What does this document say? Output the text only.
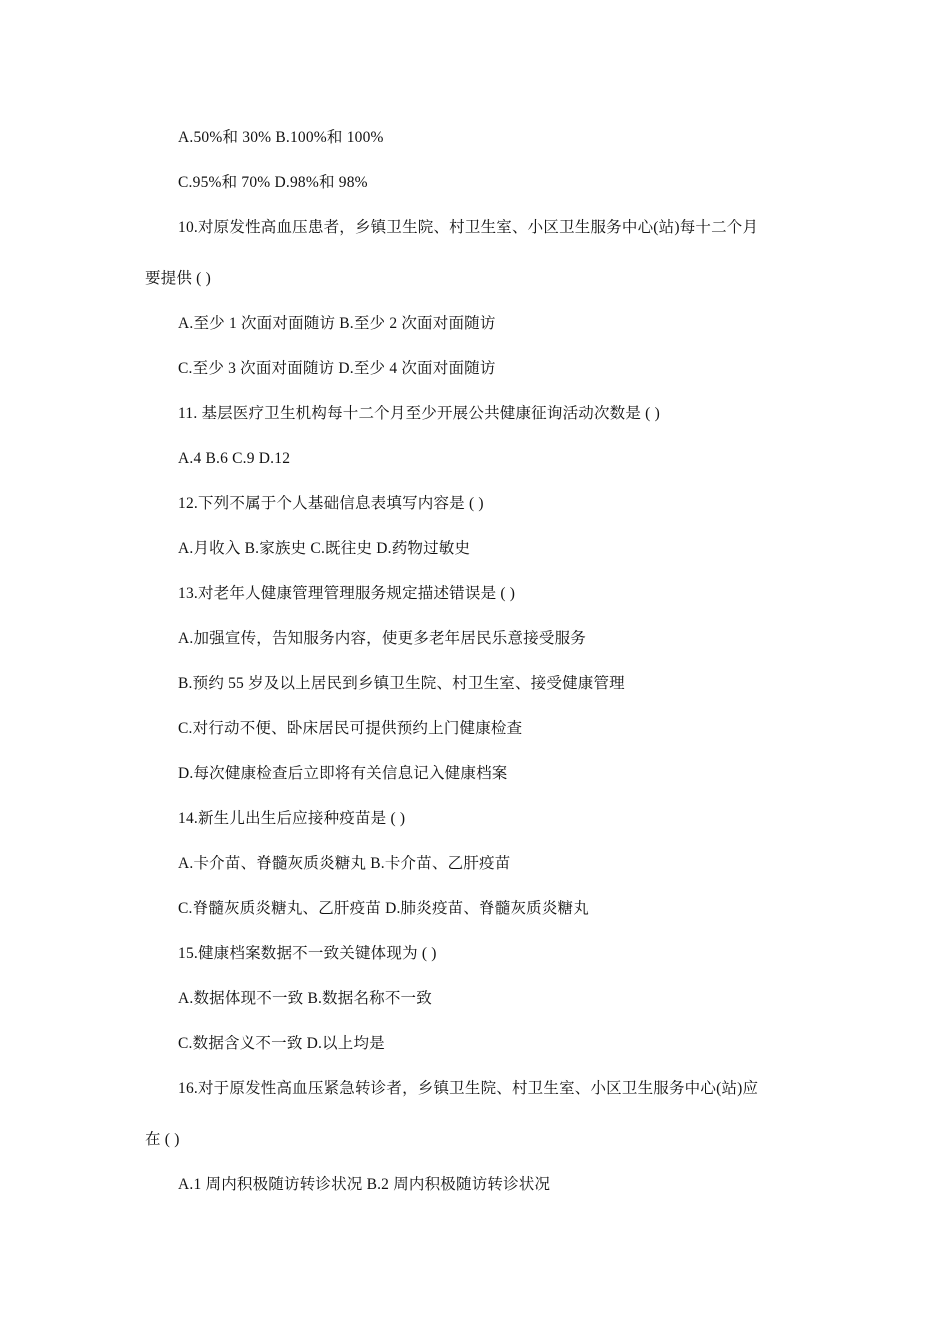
A.50%和 30% B.100%和 100%
C.95%和 70% D.98%和 98%
10.对原发性高血压患者，乡镇卫生院、村卫生室、小区卫生服务中心(站)每十二个月
要提供 ( )
A.至少 1 次面对面随访 B.至少 2 次面对面随访
C.至少 3 次面对面随访 D.至少 4 次面对面随访
11. 基层医疗卫生机构每十二个月至少开展公共健康征询活动次数是 ( )
A.4 B.6 C.9 D.12
12.下列不属于个人基础信息表填写内容是 ( )
A.月收入 B.家族史 C.既往史 D.药物过敏史
13.对老年人健康管理管理服务规定描述错误是 ( )
A.加强宣传，告知服务内容，使更多老年居民乐意接受服务
B.预约 55 岁及以上居民到乡镇卫生院、村卫生室、接受健康管理
C.对行动不便、卧床居民可提供预约上门健康检查
D.每次健康检查后立即将有关信息记入健康档案
14.新生儿出生后应接种疫苗是 ( )
A.卡介苗、脊髓灰质炎糖丸 B.卡介苗、乙肝疫苗
C.脊髓灰质炎糖丸、乙肝疫苗 D.肺炎疫苗、脊髓灰质炎糖丸
15.健康档案数据不一致关键体现为 ( )
A.数据体现不一致 B.数据名称不一致
C.数据含义不一致 D.以上均是
16.对于原发性高血压紧急转诊者，乡镇卫生院、村卫生室、小区卫生服务中心(站)应
在 ( )
A.1 周内积极随访转诊状况 B.2 周内积极随访转诊状况
